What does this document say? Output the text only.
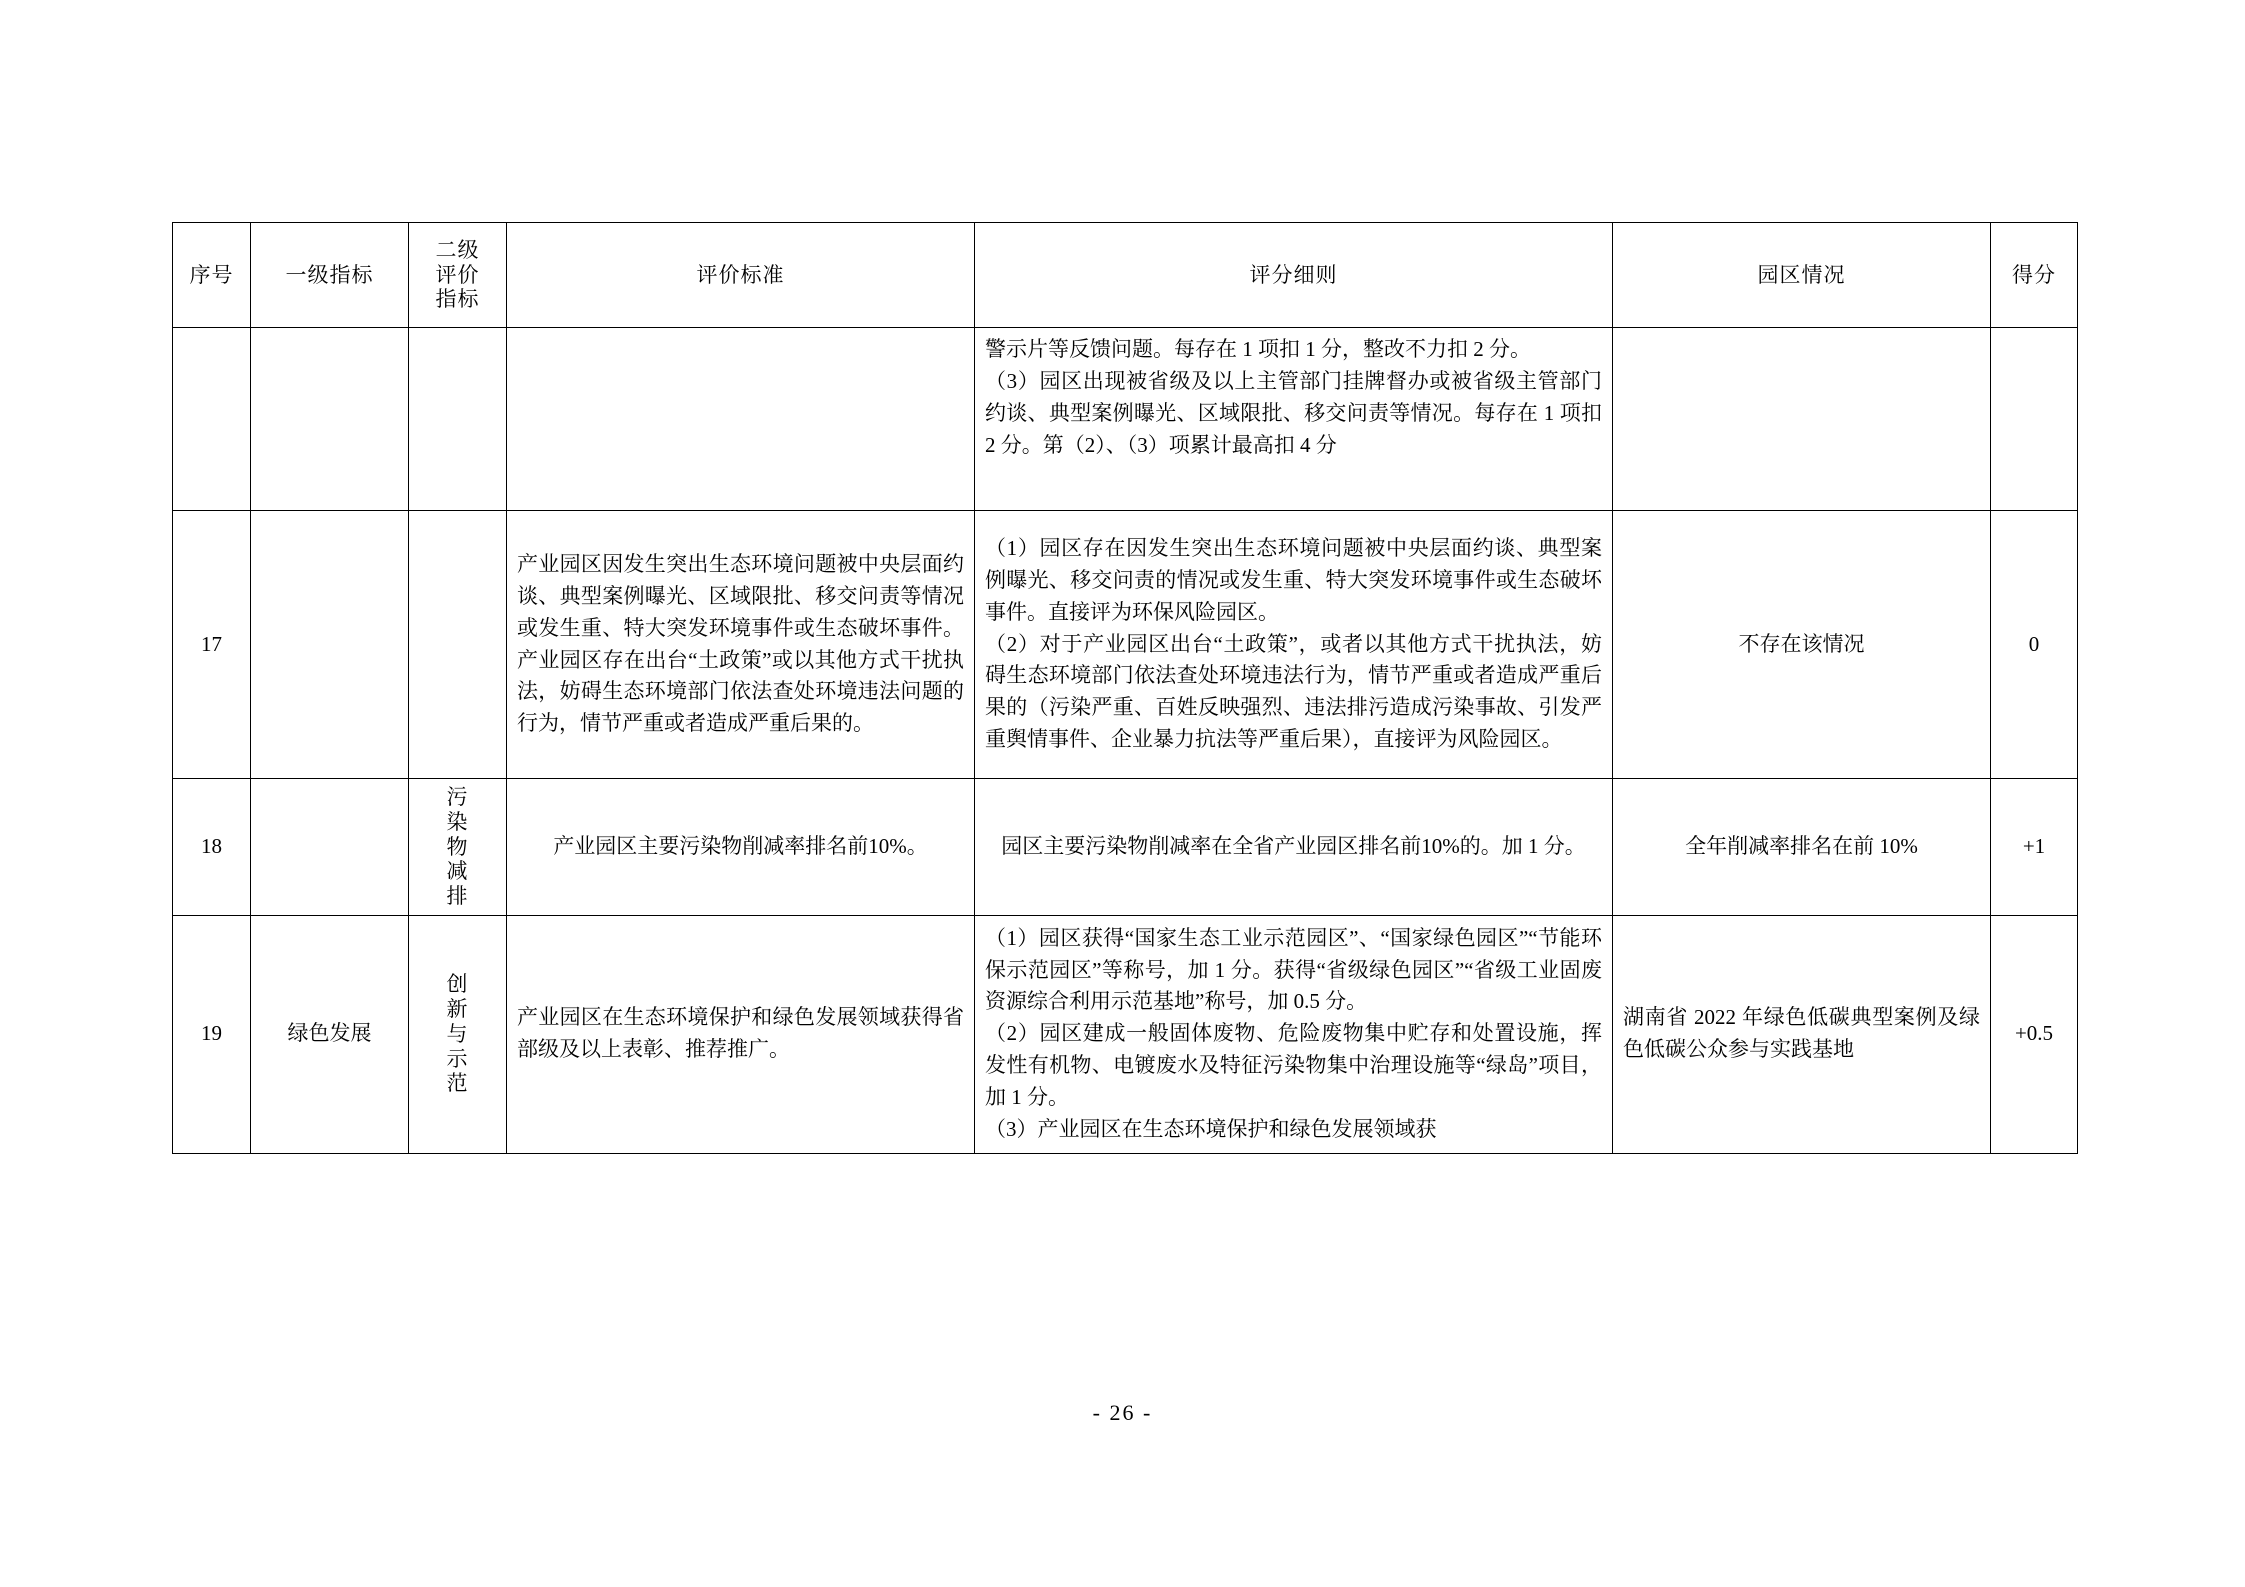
序号	一级指标	二级
评价
指标	评价标准	评分细则	园区情况	得分

				警示片等反馈问题。每存在 1 项扣 1 分，整改不力扣 2 分。
（3）园区出现被省级及以上主管部门挂牌督办或被省级主管部门约谈、典型案例曝光、区域限批、移交问责等情况。每存在 1 项扣 2 分。第（2）、（3）项累计最高扣 4 分		

17			产业园区因发生突出生态环境问题被中央层面约谈、典型案例曝光、区域限批、移交问责等情况或发生重、特大突发环境事件或生态破坏事件。产业园区存在出台“土政策”或以其他方式干扰执法，妨碍生态环境部门依法查处环境违法问题的行为，情节严重或者造成严重后果的。	（1）园区存在因发生突出生态环境问题被中央层面约谈、典型案例曝光、移交问责的情况或发生重、特大突发环境事件或生态破坏事件。直接评为环保风险园区。
（2）对于产业园区出台“土政策”，或者以其他方式干扰执法，妨碍生态环境部门依法查处环境违法行为，情节严重或者造成严重后果的（污染严重、百姓反映强烈、违法排污造成污染事故、引发严重舆情事件、企业暴力抗法等严重后果），直接评为风险园区。	不存在该情况	0
18		污
染
物
减
排	产业园区主要污染物削减率排名前10%。	园区主要污染物削减率在全省产业园区排名前10%的。加 1 分。	全年削减率排名在前 10%	+1
19	绿色发展	创
新
与
示
范	产业园区在生态环境保护和绿色发展领域获得省部级及以上表彰、推荐推广。	（1）园区获得“国家生态工业示范园区”、“国家绿色园区”“节能环保示范园区”等称号，加 1 分。获得“省级绿色园区”“省级工业固废资源综合利用示范基地”称号，加 0.5 分。
（2）园区建成一般固体废物、危险废物集中贮存和处置设施，挥发性有机物、电镀废水及特征污染物集中治理设施等“绿岛”项目，加 1 分。
（3）产业园区在生态环境保护和绿色发展领域获	湖南省 2022 年绿色低碳典型案例及绿色低碳公众参与实践基地	+0.5
- 26 -
